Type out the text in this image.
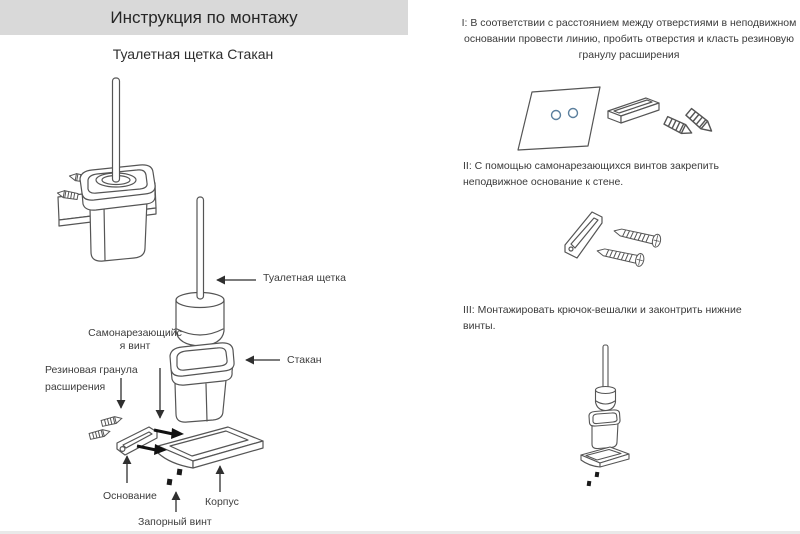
Инструкция по монтажу
Туалетная щетка Стакан
Туалетная щетка
Самонарезающийс
я винт
Резиновая гранула
расширения
Стакан
Основание	Корпус
Запорный винт
I: В соответствии с расстоянием между отверстиями в неподвижном основании провести линию, пробить отверстия и класть резиновую гранулу расширения
II: С помощью самонарезающихся винтов закрепить неподвижное основание к стене.
III: Монтажировать крючок-вешалки и законтрить нижние винты.
